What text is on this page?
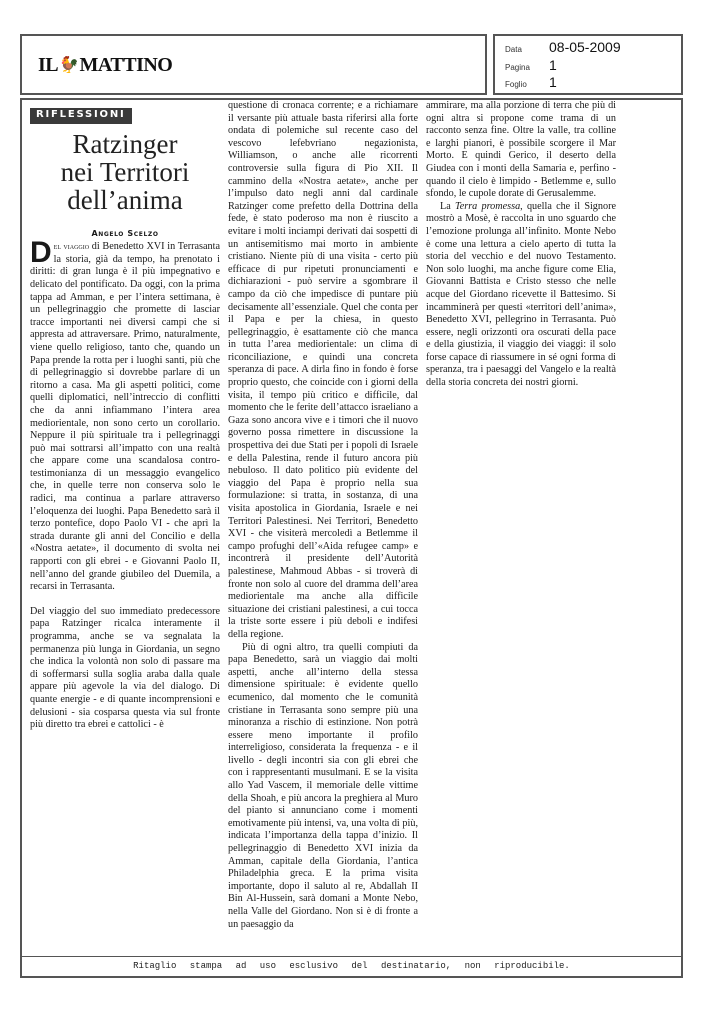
IL🐓MATTINO
Data	08-05-2009
Pagina	1
Foglio	1
RIFLESSIONI
Ratzinger
nei Territori
dell’anima
Angelo Scelzo

Del viaggio di Benedetto XVI in Terrasanta la storia, già da tempo, ha prenotato i diritti: di gran lunga è il più impegnativo e delicato del pontificato. Da oggi, con la prima tappa ad Amman, e per l’intera settimana, è un pellegrinaggio che promette di lasciar tracce importanti nei diversi campi che si appresta ad attraversare. Primo, naturalmente, viene quello religioso, tanto che, quando un Papa prende la rotta per i luoghi santi, più che di pellegrinaggio si dovrebbe parlare di un ritorno a casa. Ma gli aspetti politici, come quelli diplomatici, nell’intreccio di conflitti che da anni infiammano l’intera area mediorientale, non sono certo un corollario. Neppure il più spirituale tra i pellegrinaggi può mai sottrarsi all’impatto con una realtà che appare come una scandalosa contro-testimonianza di un messaggio evangelico che, in quelle terre non conserva solo le radici, ma continua a parlare attraverso l’eloquenza dei luoghi. Papa Benedetto sarà il terzo pontefice, dopo Paolo VI - che aprì la strada durante gli anni del Concilio e della «Nostra aetate», il documento di svolta nei rapporti con gli ebrei - e Giovanni Paolo II, nell’anno del grande giubileo del Duemila, a recarsi in Terrasanta.

Del viaggio del suo immediato predecessore papa Ratzinger ricalca interamente il programma, anche se va segnalata la permanenza più lunga in Giordania, un segno che indica la volontà non solo di passare ma di soffermarsi sulla soglia araba dalla quale appare più agevole la via del dialogo. Di quante energie - e di quante incomprensioni e delusioni - sia cosparsa questa via sul fronte più diretto tra ebrei e cattolici - è

questione di cronaca corrente; e a richiamare il versante più attuale basta riferirsi alla forte ondata di polemiche sul recente caso del vescovo lefebvriano negazionista, Williamson, o anche alle ricorrenti controversie sulla figura di Pio XII. Il cammino della «Nostra aetate», anche per l’impulso dato negli anni dal cardinale Ratzinger come prefetto della Dottrina della fede, è stato poderoso ma non è riuscito a evitare i molti inciampi derivati dai sospetti di un antisemitismo mai morto in ambiente cristiano. Niente più di una visita - certo più efficace di pur ripetuti pronunciamenti e dichiarazioni - può servire a sgombrare il campo da ciò che impedisce di puntare più decisamente all’essenziale. Quel che conta per il Papa e per la chiesa, in questo pellegrinaggio, è esattamente ciò che manca in tutta l’area mediorientale: un clima di riconciliazione, e quindi una concreta speranza di pace. A dirla fino in fondo è forse proprio questo, che coincide con i giorni della visita, il tempo più critico e difficile, dal momento che le ferite dell’attacco israeliano a Gaza sono ancora vive e i timori che il nuovo governo possa rimettere in discussione la prospettiva dei due Stati per i popoli di Israele e della Palestina, rende il futuro ancora più nebuloso. Il dato politico più evidente del viaggio del Papa è proprio nella sua formulazione: si tratta, in sostanza, di una visita apostolica in Giordania, Israele e nei Territori Palestinesi. Nei Territori, Benedetto XVI - che visiterà mercoledì a Betlemme il campo profughi dell’«Aida refugee camp» e incontrerà il presidente dell’Autorità palestinese, Mahmoud Abbas - si troverà di fronte non solo al cuore del dramma dell’area mediorientale ma anche alla difficile situazione dei cristiani palestinesi, a cui tocca la triste sorte essere i più deboli e indifesi della regione.

Più di ogni altro, tra quelli compiuti da papa Benedetto, sarà un viaggio dai molti aspetti, anche all’interno della stessa dimensione spirituale: è evidente quello ecumenico, dal momento che le comunità cristiane in Terrasanta sono sempre più una minoranza a rischio di estinzione. Non potrà essere meno importante il profilo interreligioso, considerata la frequenza - e il livello - degli incontri sia con gli ebrei che con i rappresentanti musulmani. E se la visita allo Yad Vascem, il memoriale delle vittime della Shoah, e più ancora la preghiera al Muro del pianto si annunciano come i momenti emotivamente più intensi, va, una volta di più, indicata l’importanza della tappa d’inizio. Il pellegrinaggio di Benedetto XVI inizia da Amman, capitale della Giordania, l’antica Philadelphia greca. E la prima visita importante, dopo il saluto al re, Abdallah II Bin Al-Hussein, sarà domani a Monte Nebo, nella Valle del Giordano. Non si è di fronte a un paesaggio da

ammirare, ma alla porzione di terra che più di ogni altra si propone come trama di un racconto senza fine. Oltre la valle, tra colline e larghi pianori, è possibile scorgere il Mar Morto. E quindi Gerico, il deserto della Giudea con i monti della Samaria e, perfino - quando il cielo è limpido - Betlemme e, sullo sfondo, le cupole dorate di Gerusalemme.

La Terra promessa, quella che il Signore mostrò a Mosè, è raccolta in uno sguardo che l’emozione prolunga all’infinito. Monte Nebo è come una lettura a cielo aperto di tutta la storia del vecchio e del nuovo Testamento. Non solo luoghi, ma anche figure come Elia, Giovanni Battista e Cristo stesso che nelle acque del Giordano ricevette il Battesimo. Si incamminerà per questi «territori dell’anima», Benedetto XVI, pellegrino in Terrasanta. Può essere, negli orizzonti ora oscurati della pace e della giustizia, il viaggio dei viaggi: il solo forse capace di riassumere in sé ogni forma di speranza, tra i paesaggi del Vangelo e la realtà della storia concreta dei nostri giorni.

Ritaglio stampa ad uso esclusivo del destinatario, non riproducibile.
